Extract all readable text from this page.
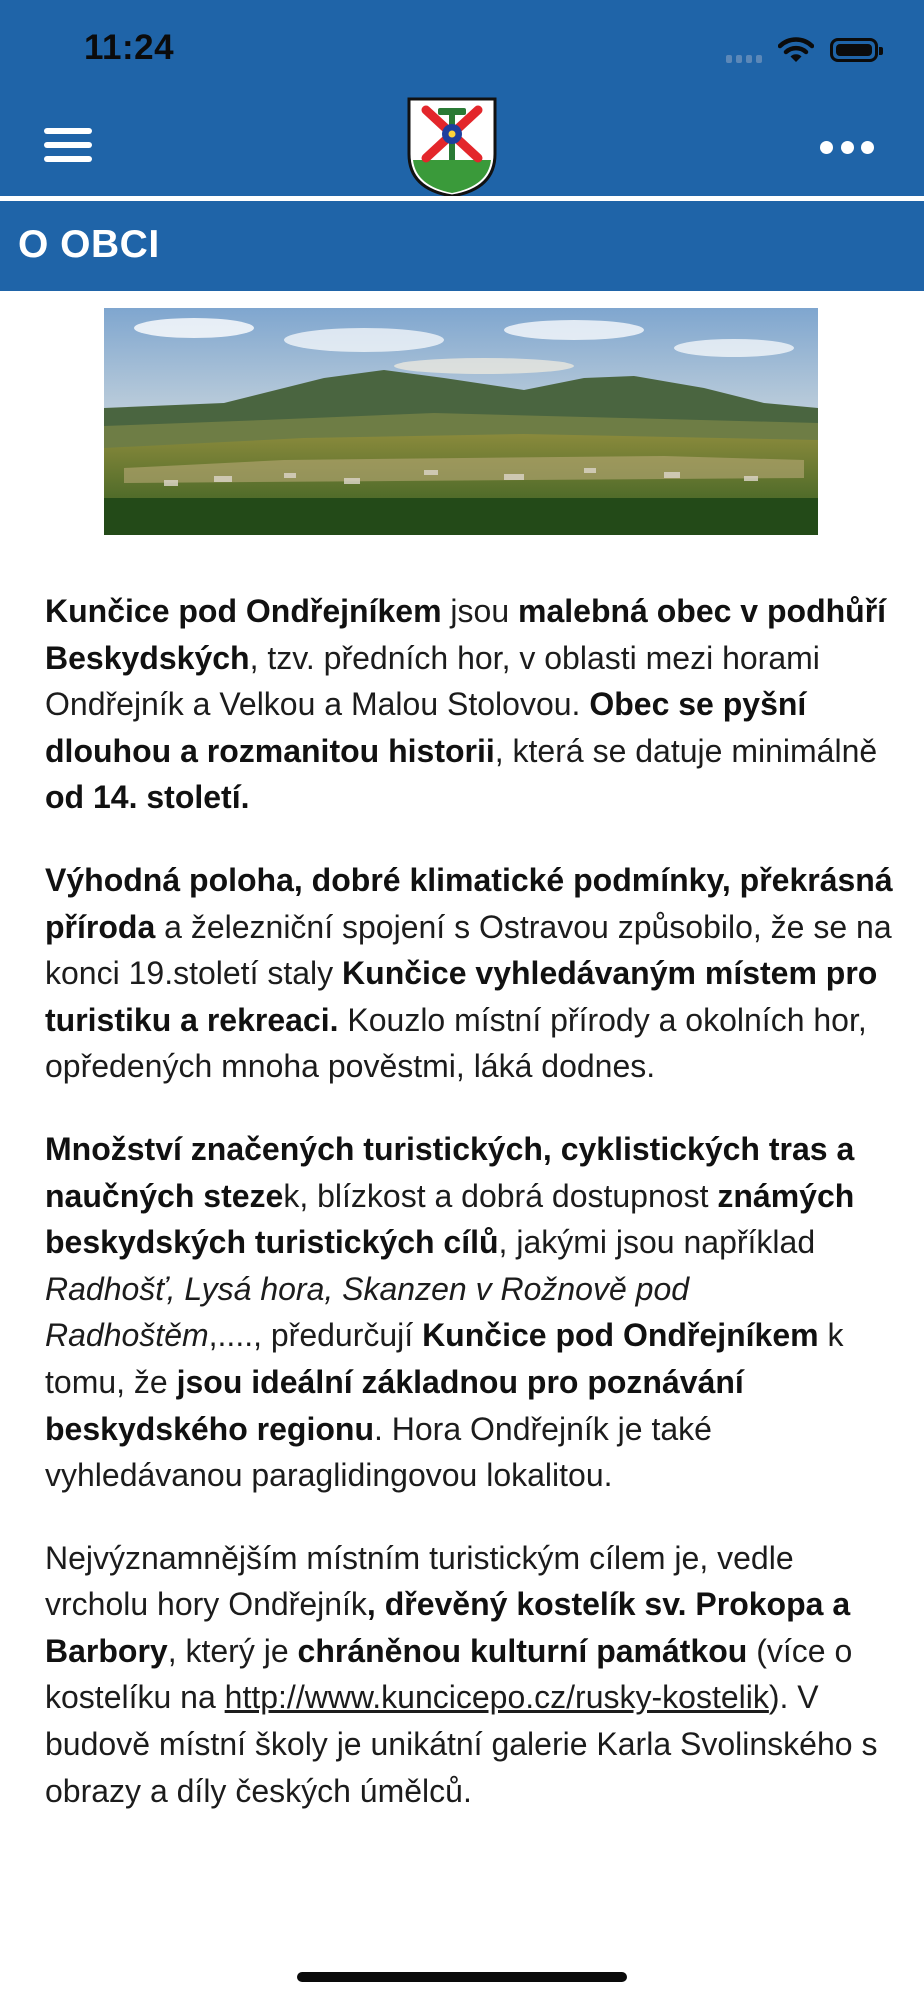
11:24
O OBCI

Kunčice pod Ondřejníkem jsou malebná obec v podhůří Beskydských, tzv. předních hor, v oblasti mezi horami Ondřejník a Velkou a Malou Stolovou. Obec se pyšní dlouhou a rozmanitou historii, která se datuje minimálně od 14. století.

Výhodná poloha, dobré klimatické podmínky, překrásná příroda a železniční spojení s Ostravou způsobilo, že se na konci 19.století staly Kunčice vyhledávaným místem pro turistiku a rekreaci. Kouzlo místní přírody a okolních hor, opředených mnoha pověstmi, láká dodnes.

Množství značených turistických, cyklistických tras a naučných stezek, blízkost a dobrá dostupnost známých beskydských turistických cílů, jakými jsou například Radhošť, Lysá hora, Skanzen v Rožnově pod Radhoštěm,...., předurčují Kunčice pod Ondřejníkem k tomu, že jsou ideální základnou pro poznávání beskydského regionu. Hora Ondřejník je také vyhledávanou paraglidingovou lokalitou.

Nejvýznamnějším místním turistickým cílem je, vedle vrcholu hory Ondřejník, dřevěný kostelík sv. Prokopa a Barbory, který je chráněnou kulturní památkou (více o kostelíku na http://www.kuncicepo.cz/rusky-kostelik). V budově místní školy je unikátní galerie Karla Svolinského s obrazy a díly českých úmělců.
